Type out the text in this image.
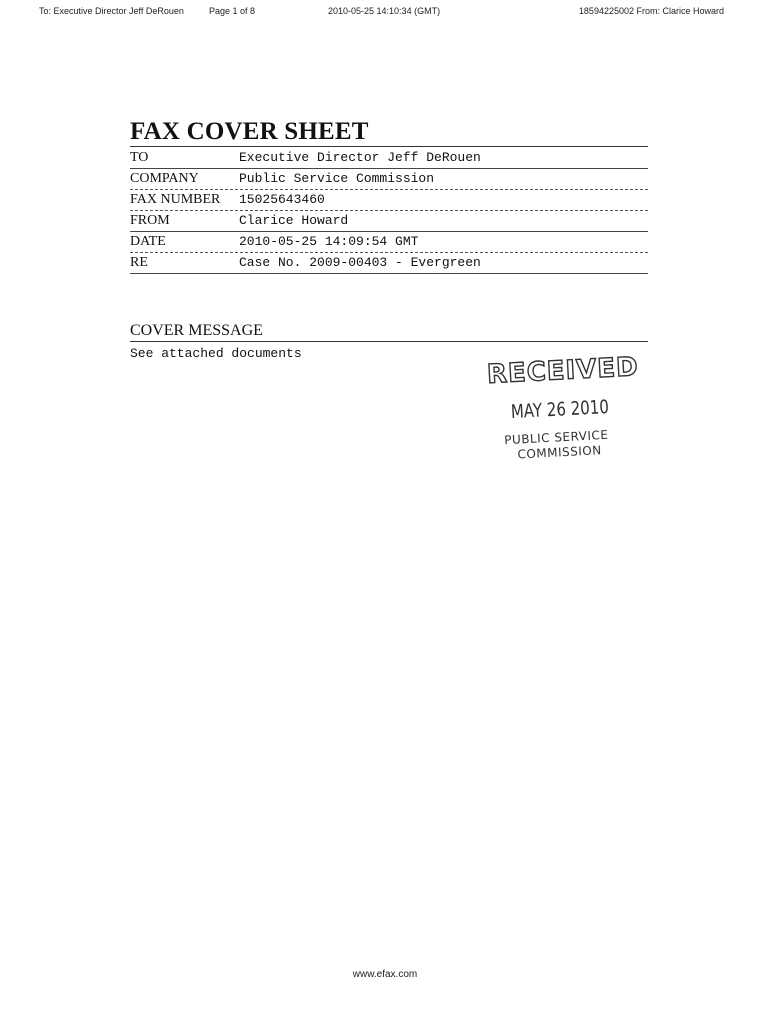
To: Executive Director Jeff DeRouen	Page 1 of 8	2010-05-25 14:10:34 (GMT)	18594225002 From: Clarice Howard
FAX COVER SHEET
TO	Executive Director Jeff DeRouen
COMPANY	Public Service Commission
FAX NUMBER 15025643460
FROM	Clarice Howard
DATE	2010-05-25 14:09:54 GMT
RE	Case No. 2009-00403 - Evergreen
COVER MESSAGE
See attached documents	RECEIVED
MAY 26 2010
PUBLIC SERVICE
COMMISSION
www.efax.com
